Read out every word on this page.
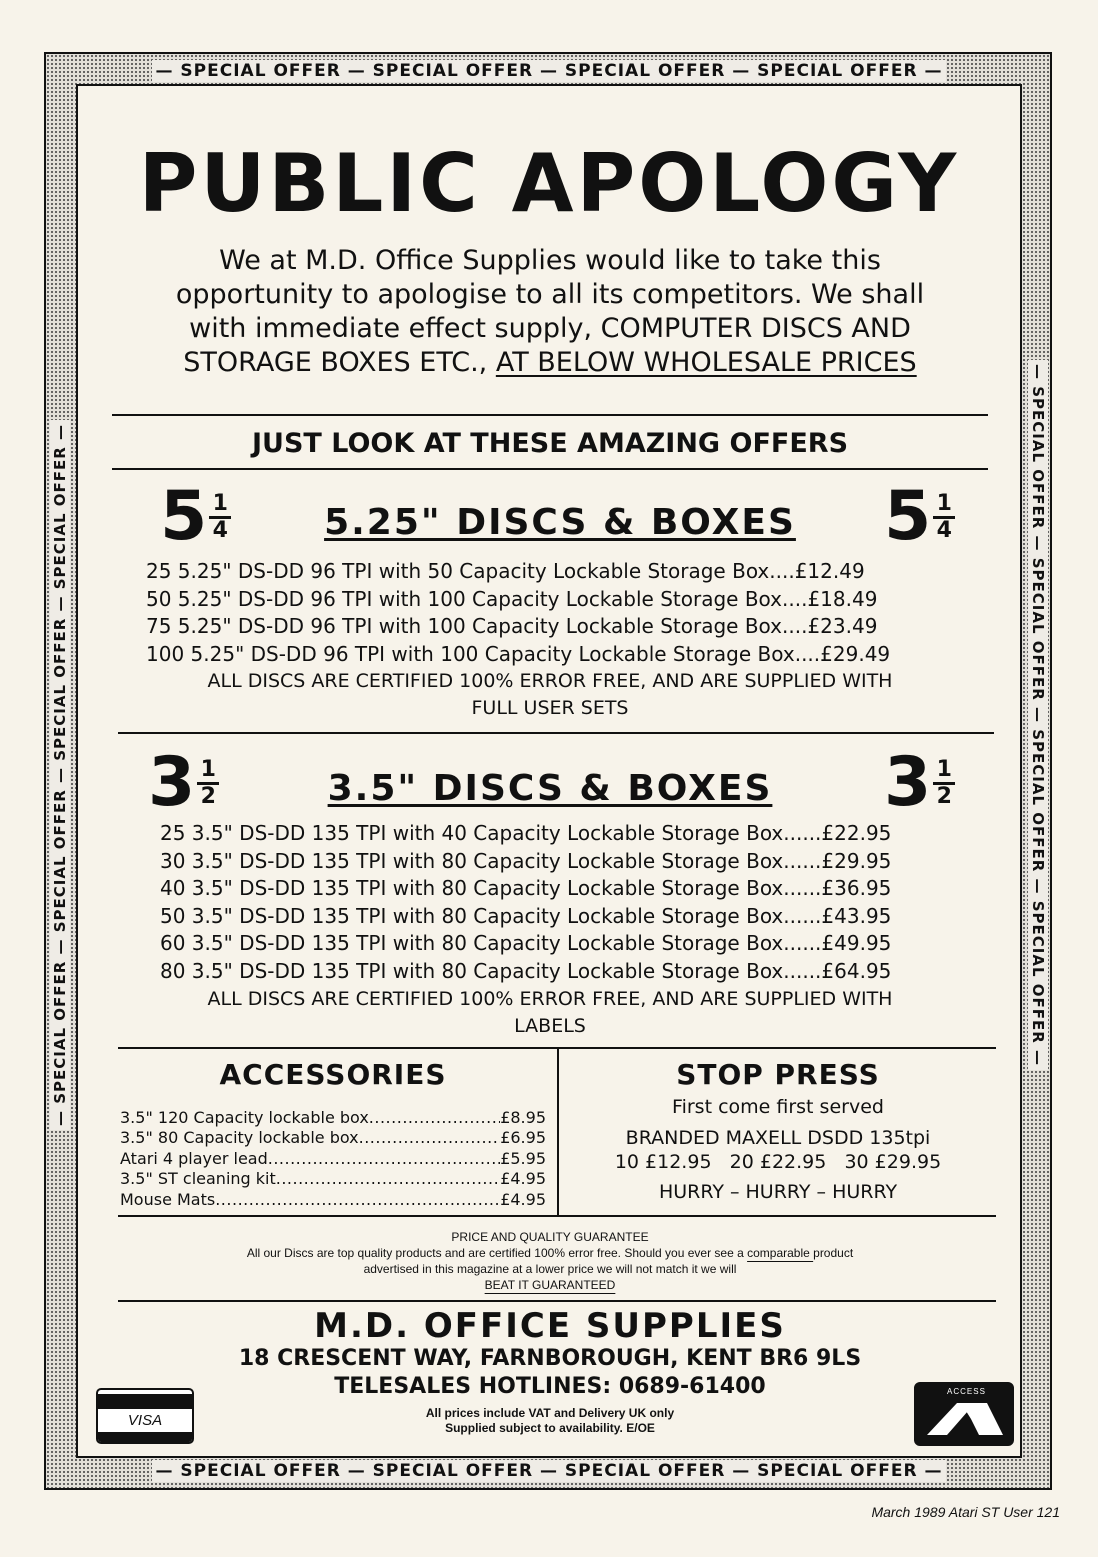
— SPECIAL OFFER — SPECIAL OFFER — SPECIAL OFFER — SPECIAL OFFER —
— SPECIAL OFFER — SPECIAL OFFER — SPECIAL OFFER — SPECIAL OFFER —
— SPECIAL OFFER — SPECIAL OFFER — SPECIAL OFFER — SPECIAL OFFER —	— SPECIAL OFFER — SPECIAL OFFER — SPECIAL OFFER — SPECIAL OFFER —
PUBLIC APOLOGY
We at M.D. Office Supplies would like to take this
opportunity to apologise to all its competitors. We shall
with immediate effect supply, COMPUTER DISCS AND
STORAGE BOXES ETC., AT BELOW WHOLESALE PRICES
JUST LOOK AT THESE AMAZING OFFERS
5 1
4	5.25" DISCS & BOXES	5 1
4
25 5.25" DS-DD 96 TPI with 50 Capacity Lockable Storage Box.... £12.49
50 5.25" DS-DD 96 TPI with 100 Capacity Lockable Storage Box.... £18.49
75 5.25" DS-DD 96 TPI with 100 Capacity Lockable Storage Box.... £23.49
100 5.25" DS-DD 96 TPI with 100 Capacity Lockable Storage Box.... £29.49
ALL DISCS ARE CERTIFIED 100% ERROR FREE, AND ARE SUPPLIED WITH
FULL USER SETS
3 1
2	3.5" DISCS & BOXES	3 1
2
25 3.5" DS-DD 135 TPI with 40 Capacity Lockable Storage Box...... £22.95
30 3.5" DS-DD 135 TPI with 80 Capacity Lockable Storage Box...... £29.95
40 3.5" DS-DD 135 TPI with 80 Capacity Lockable Storage Box...... £36.95
50 3.5" DS-DD 135 TPI with 80 Capacity Lockable Storage Box...... £43.95
60 3.5" DS-DD 135 TPI with 80 Capacity Lockable Storage Box...... £49.95
80 3.5" DS-DD 135 TPI with 80 Capacity Lockable Storage Box...... £64.95
ALL DISCS ARE CERTIFIED 100% ERROR FREE, AND ARE SUPPLIED WITH
LABELS
ACCESSORIES
3.5" 120 Capacity lockable box .....	£8.95
3.5" 80 Capacity lockable box .....	£6.95
Atari 4 player lead .....	£5.95
3.5" ST cleaning kit .....	£4.95
Mouse Mats .....	£4.95
STOP PRESS
First come first served
BRANDED MAXELL DSDD 135tpi
10 £12.95   20 £22.95   30 £29.95
HURRY – HURRY – HURRY
PRICE AND QUALITY GUARANTEE
All our Discs are top quality products and are certified 100% error free. Should you ever see a comparable product
advertised in this magazine at a lower price we will not match it we will
BEAT IT GUARANTEED
M.D. OFFICE SUPPLIES
18 CRESCENT WAY, FARNBOROUGH, KENT BR6 9LS
TELESALES HOTLINES: 0689-61400
All prices include VAT and Delivery UK only
Supplied subject to availability. E/OE
VISA
ACCESS
March 1989 Atari ST User 121
